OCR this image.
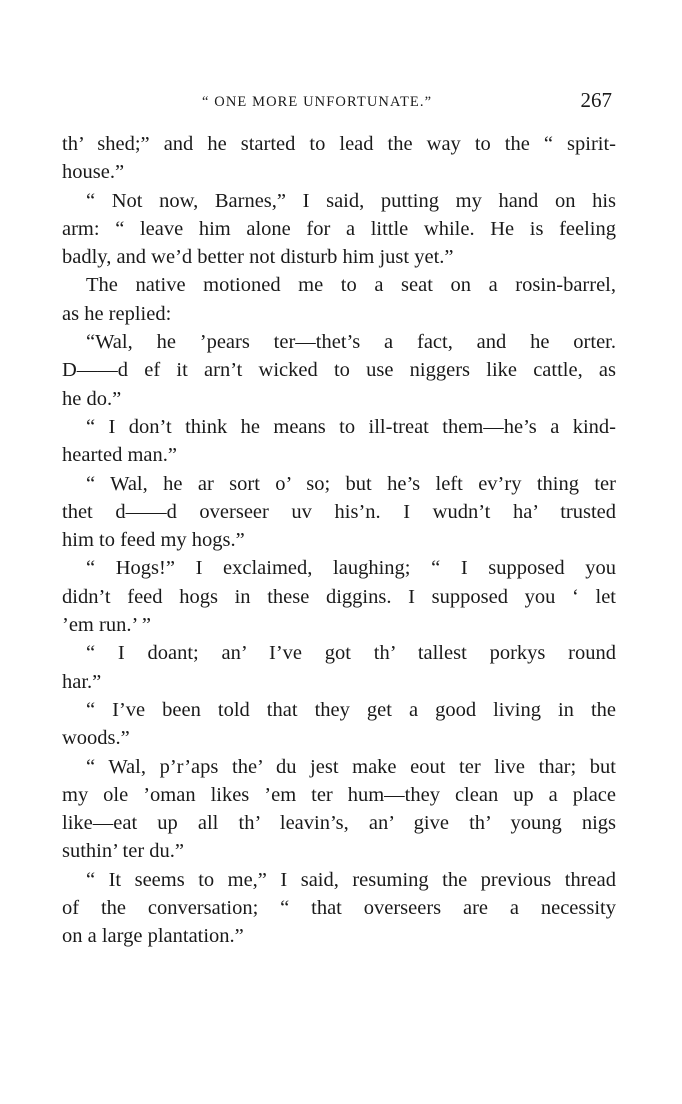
“ ONE MORE UNFORTUNATE.”	267
th’ shed;” and he started to lead the way to the “ spirit-
house.”
“ Not now, Barnes,” I said, putting my hand on his
arm: “ leave him alone for a little while. He is feeling
badly, and we’d better not disturb him just yet.”
The native motioned me to a seat on a rosin-barrel,
as he replied:
“Wal, he ’pears ter—thet’s a fact, and he orter.
D——d ef it arn’t wicked to use niggers like cattle, as
he do.”
“ I don’t think he means to ill-treat them—he’s a kind-
hearted man.”
“ Wal, he ar sort o’ so; but he’s left ev’ry thing ter
thet d——d overseer uv his’n. I wudn’t ha’ trusted
him to feed my hogs.”
“ Hogs!” I exclaimed, laughing; “ I supposed you
didn’t feed hogs in these diggins. I supposed you ‘ let
’em run.’ ”
“ I doant; an’ I’ve got th’ tallest porkys round
har.”
“ I’ve been told that they get a good living in the
woods.”
“ Wal, p’r’aps the’ du jest make eout ter live thar; but
my ole ’oman likes ’em ter hum—they clean up a place
like—eat up all th’ leavin’s, an’ give th’ young nigs
suthin’ ter du.”
“ It seems to me,” I said, resuming the previous thread
of the conversation; “ that overseers are a necessity
on a large plantation.”
